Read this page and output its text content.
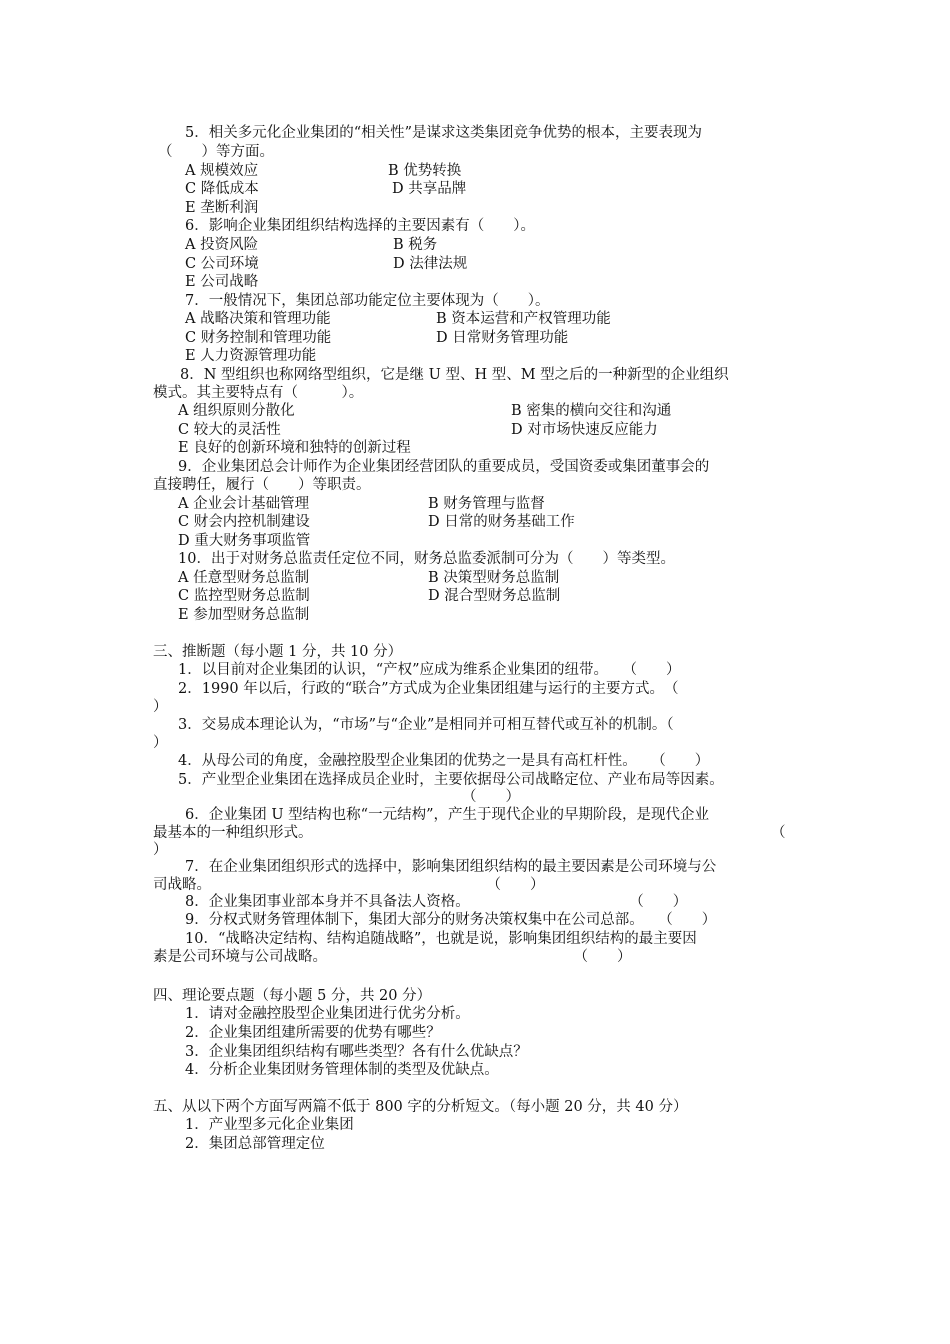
5．相关多元化企业集团的“相关性”是谋求这类集团竞争优势的根本，主要表现为
（　　）等方面。
A 规模效应	B 优势转换
C 降低成本	D 共享品牌
E 垄断利润
6．影响企业集团组织结构选择的主要因素有（　　）。
A 投资风险	B 税务
C 公司环境	D 法律法规
E 公司战略
7．一般情况下，集团总部功能定位主要体现为（　　）。
A 战略决策和管理功能	B 资本运营和产权管理功能
C 财务控制和管理功能	D 日常财务管理功能
E 人力资源管理功能
8．N 型组织也称网络型组织，它是继 U 型、H 型、M 型之后的一种新型的企业组织
模式。其主要特点有（　　　）。
A 组织原则分散化	B 密集的横向交往和沟通
C 较大的灵活性	D 对市场快速反应能力
E 良好的创新环境和独特的创新过程
9．企业集团总会计师作为企业集团经营团队的重要成员，受国资委或集团董事会的
直接聘任，履行（　　）等职责。
A 企业会计基础管理	B 财务管理与监督
C 财会内控机制建设	D 日常的财务基础工作
D 重大财务事项监管
10．出于对财务总监责任定位不同，财务总监委派制可分为（　　）等类型。
A 任意型财务总监制	B 决策型财务总监制
C 监控型财务总监制	D 混合型财务总监制
E 参加型财务总监制
三、推断题（每小题 1 分，共 10 分）
1．以目前对企业集团的认识，“产权”应成为维系企业集团的纽带。　　（　　）
2．1990 年以后，行政的“联合”方式成为企业集团组建与运行的主要方式。　（
）
3．交易成本理论认为，“市场”与“企业”是相同并可相互替代或互补的机制。（
）
4．从母公司的角度，金融控股型企业集团的优势之一是具有高杠杆性。　　（　　）
5．产业型企业集团在选择成员企业时，主要依据母公司战略定位、产业布局等因素。
（　　）
6．企业集团 U 型结构也称“一元结构”，产生于现代企业的早期阶段，是现代企业
最基本的一种组织形式。	（
）
7．在企业集团组织形式的选择中，影响集团组织结构的最主要因素是公司环境与公
司战略。　　　　　　　　　　　　　　　　　　　　（　　）
8．企业集团事业部本身并不具备法人资格。　　　　　　　　　　　　（　　）
9．分权式财务管理体制下，集团大部分的财务决策权集中在公司总部。　　（　　）
10．“战略决定结构、结构追随战略”，也就是说，影响集团组织结构的最主要因
素是公司环境与公司战略。　　　　　　　　　　　　　　　　　　（　　）
四、理论要点题（每小题 5 分，共 20 分）
1．请对金融控股型企业集团进行优劣分析。
2．企业集团组建所需要的优势有哪些？
3．企业集团组织结构有哪些类型？各有什么优缺点？
4．分析企业集团财务管理体制的类型及优缺点。
五、从以下两个方面写两篇不低于 800 字的分析短文。（每小题 20 分，共 40 分）
1．产业型多元化企业集团
2．集团总部管理定位
